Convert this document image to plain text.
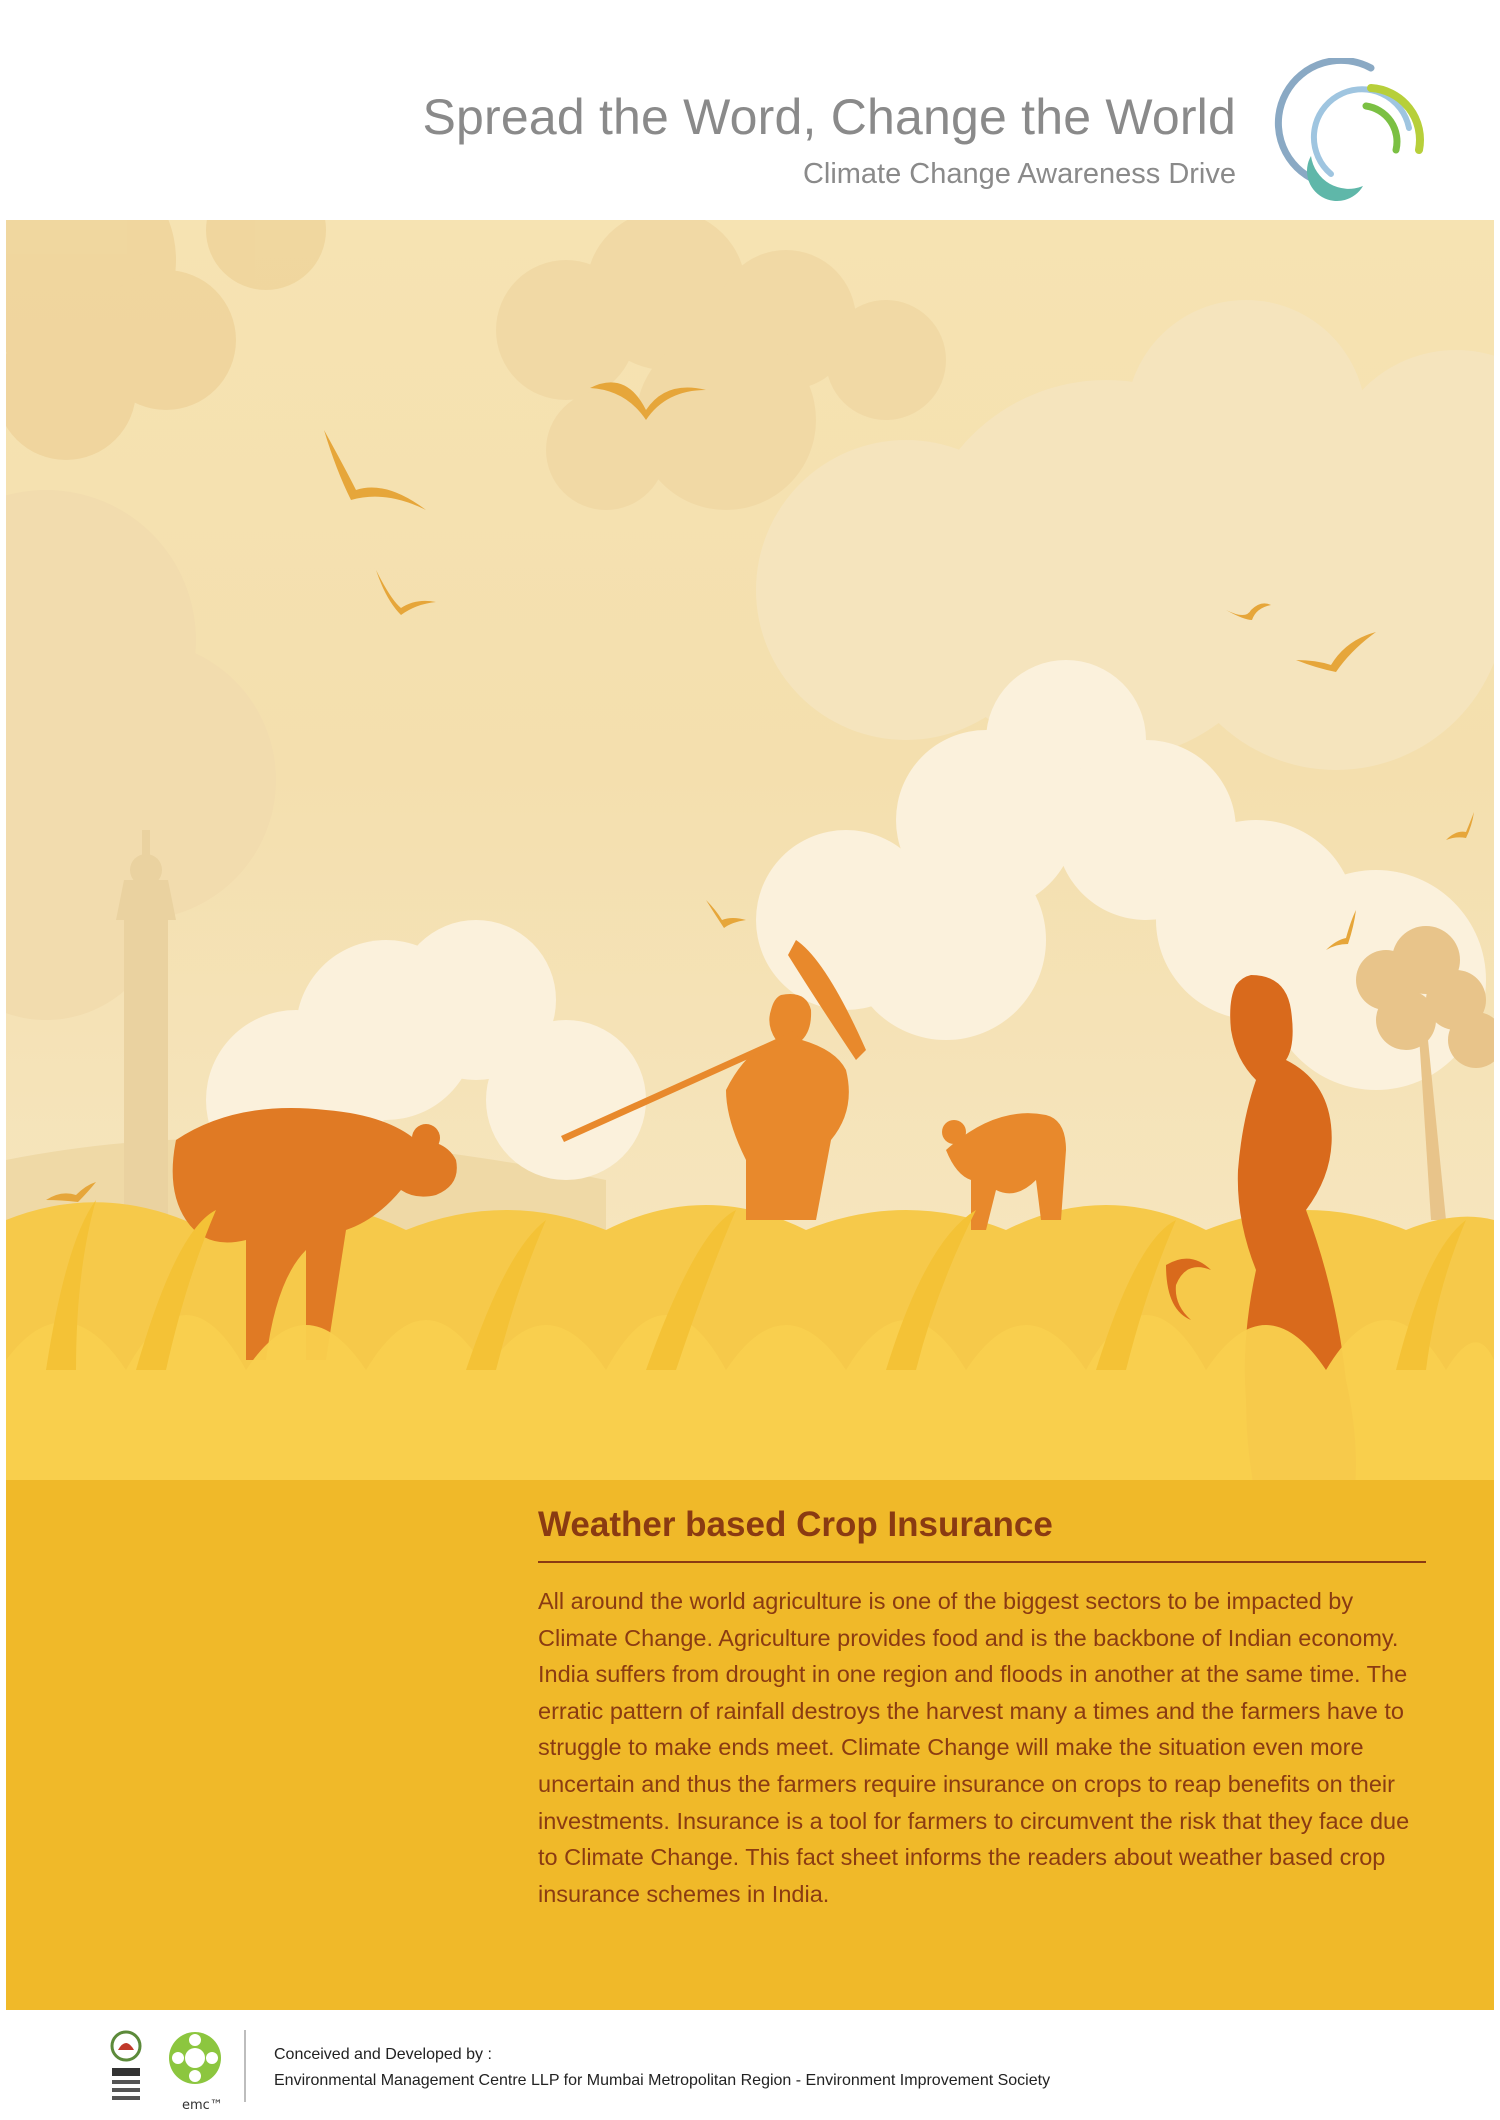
Spread the Word, Change the World
Climate Change Awareness Drive
Weather based Crop Insurance

All around the world agriculture is one of the biggest sectors to be impacted by Climate Change. Agriculture provides food and is the backbone of Indian economy. India suffers from drought in one region and floods in another at the same time. The erratic pattern of rainfall destroys the harvest many a times and the farmers have to struggle to make ends meet. Climate Change will make the situation even more uncertain and thus the farmers require insurance on crops to reap benefits on their investments. Insurance is a tool for farmers to circumvent the risk that they face due to Climate Change. This fact sheet informs the readers about weather based crop insurance schemes in India.

emc™
Conceived and Developed by :
Environmental Management Centre LLP for Mumbai Metropolitan Region - Environment Improvement Society
